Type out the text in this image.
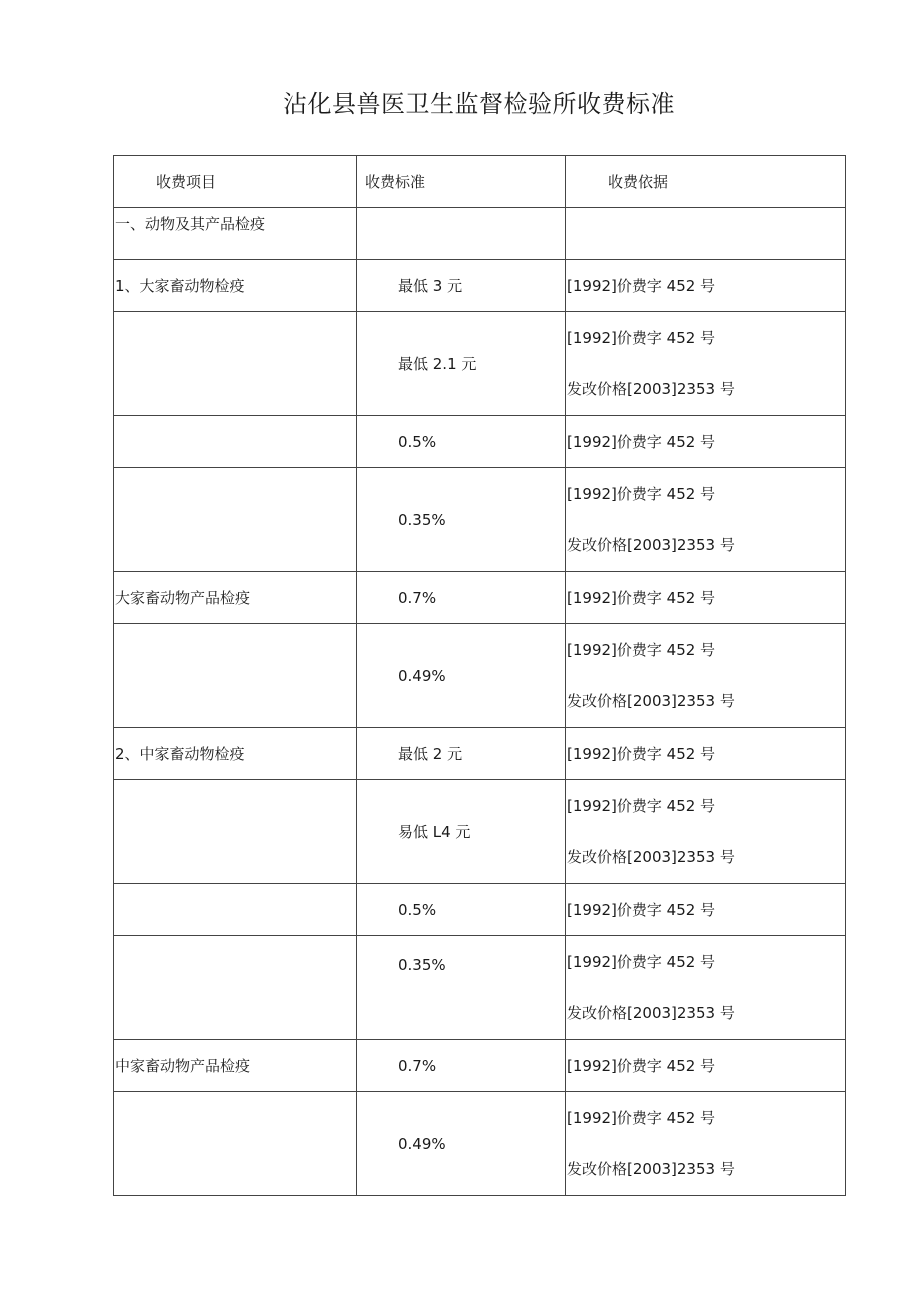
沾化县兽医卫生监督检验所收费标准
收费项目	收费标准	收费依据
一、动物及其产品检疫		
1、大家畜动物检疫	最低 3 元	[1992]价费字 452 号

	最低 2.1 元	[1992]价费字 452 号
发改价格[2003]2353 号

	0.5%	[1992]价费字 452 号

	0.35%	[1992]价费字 452 号
发改价格[2003]2353 号

大家畜动物产品检疫	0.7%	[1992]价费字 452 号

	0.49%	[1992]价费字 452 号
发改价格[2003]2353 号

2、中家畜动物检疫	最低 2 元	[1992]价费字 452 号

	易低 L4 元	[1992]价费字 452 号
发改价格[2003]2353 号

	0.5%	[1992]价费字 452 号

	0.35%	[1992]价费字 452 号
发改价格[2003]2353 号

中家畜动物产品检疫	0.7%	[1992]价费字 452 号

	0.49%	[1992]价费字 452 号
发改价格[2003]2353 号
